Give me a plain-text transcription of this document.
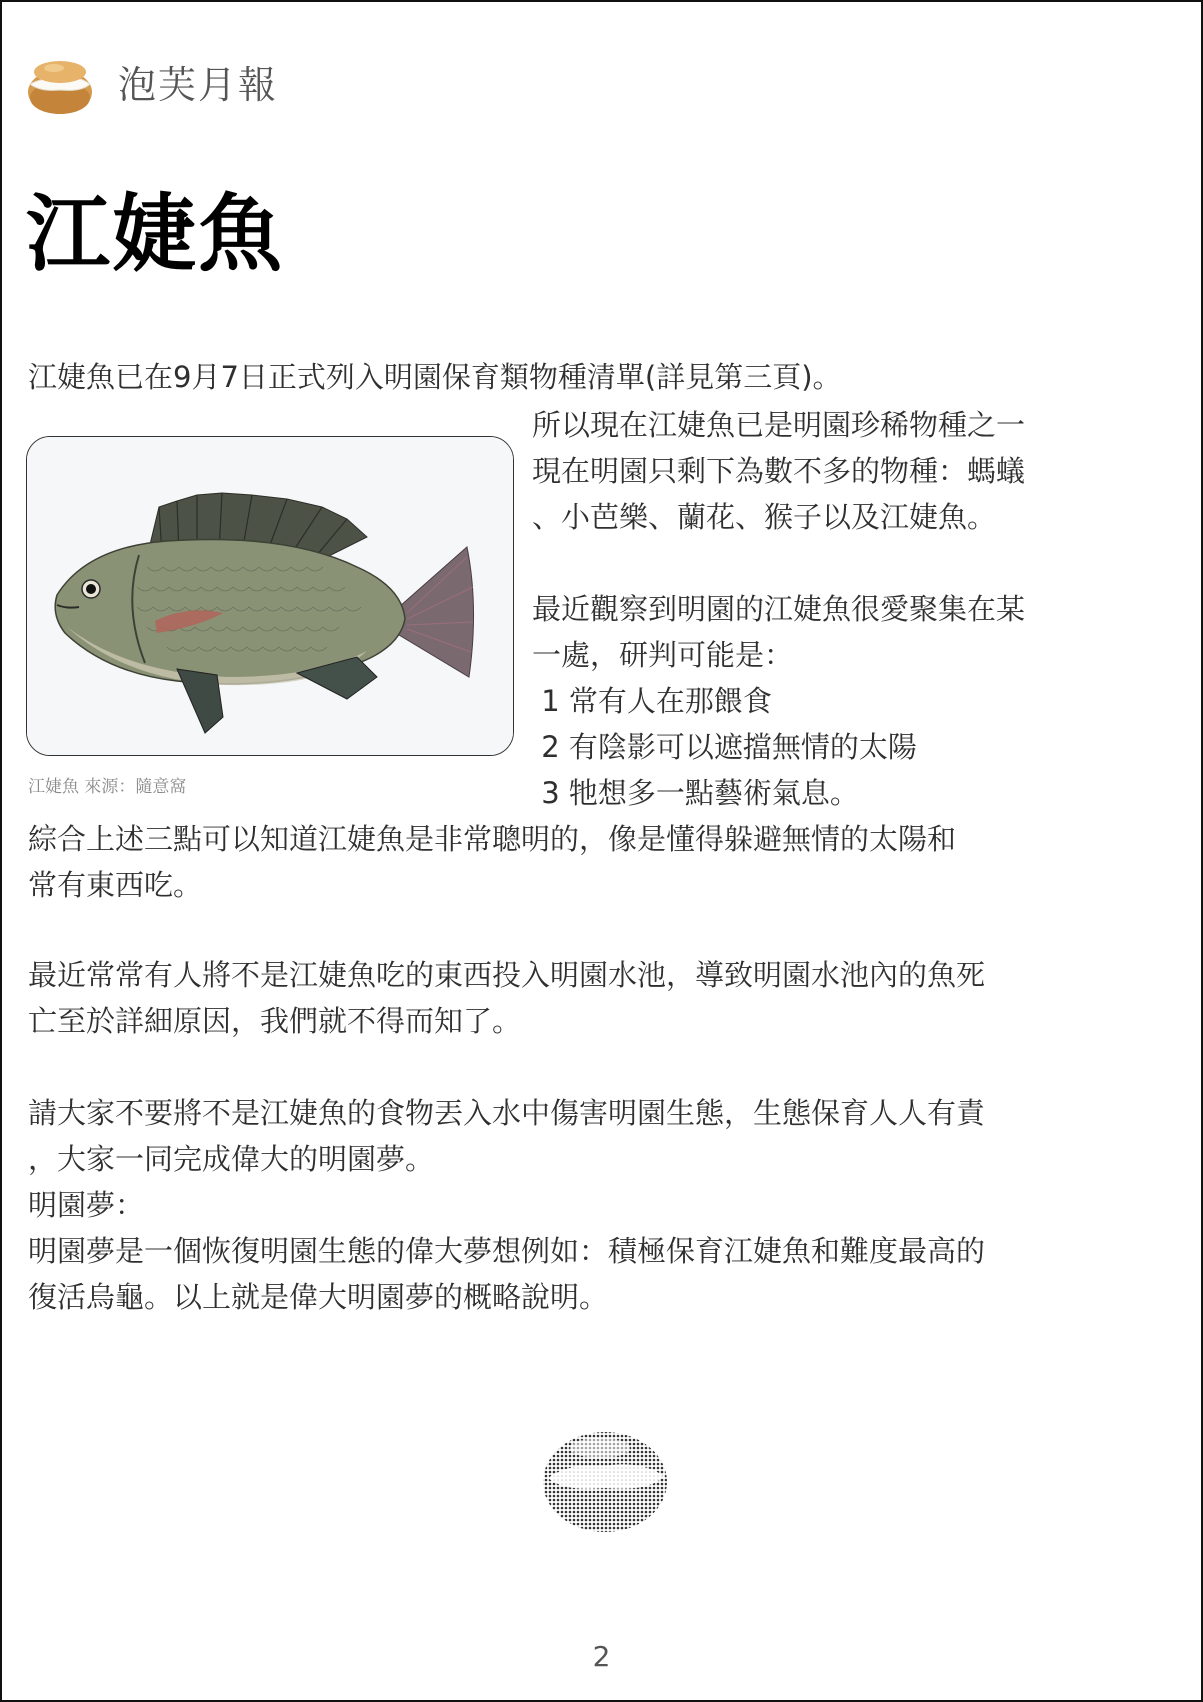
泡芙月報
江婕魚

江婕魚已在9月7日正式列入明園保育類物種清單(詳見第三頁)。

江婕魚 來源：隨意窩

所以現在江婕魚已是明園珍稀物種之一

現在明園只剩下為數不多的物種：螞蟻

、小芭樂、蘭花、猴子以及江婕魚。

最近觀察到明園的江婕魚很愛聚集在某

一處，研判可能是：

1 常有人在那餵食

2 有陰影可以遮擋無情的太陽

3 牠想多一點藝術氣息。

綜合上述三點可以知道江婕魚是非常聰明的，像是懂得躲避無情的太陽和

常有東西吃。

最近常常有人將不是江婕魚吃的東西投入明園水池，導致明園水池內的魚死

亡至於詳細原因，我們就不得而知了。

請大家不要將不是江婕魚的食物丟入水中傷害明園生態，生態保育人人有責

，大家一同完成偉大的明園夢。

明園夢：

明園夢是一個恢復明園生態的偉大夢想例如：積極保育江婕魚和難度最高的

復活烏龜。以上就是偉大明園夢的概略說明。

2
